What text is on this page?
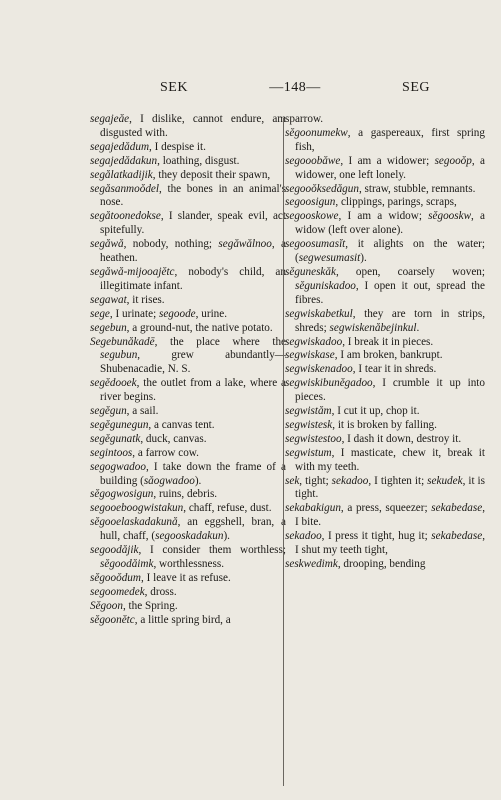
SEK	—148—	SEG

segajeăe, I dislike, cannot endure, am disgusted with.

segajedădum, I despise it.

segajedădakun, loathing, disgust.

segălatkadijik, they deposit their spawn,

segăsanmoŏdel, the bones in an animal's nose.

segătoonedokse, I slander, speak evil, act spitefully.

segăwă, nobody, nothing; segăwălnoo, a heathen.

segăwă-mijooajĕtc, nobody's child, an illegitimate infant.

segawat, it rises.

sege, I urinate; segoode, urine.

segebun, a ground-nut, the native potato.

Segebunăkadē, the place where the segubun, grew abundantly—Shubenacadie, N. S.

segĕdooek, the outlet from a lake, where a river begins.

segĕgun, a sail.

segĕgunegun, a canvas tent.

segĕgunatk, duck, canvas.

segintoos, a farrow cow.

segogwadoo, I take down the frame of a building (săogwadoo).

sĕgogwosigun, ruins, debris.

segooeboogwistakun, chaff, refuse, dust.

sĕgooelaskadakună, an eggshell, bran, a hull, chaff, (segooskadakun).

segoodăjik, I consider them worthless; sĕgoodăimk, worthlessness.

sĕgooŏdum, I leave it as refuse.

segoomedek, dross.

Sĕgoon, the Spring.

sĕgoonĕtc, a little spring bird, a

sparrow.

sĕgoonumekw, a gaspereaux, first spring fish,

segooobăwe, I am a widower; segooŏp, a widower, one left lonely.

segooŏksedăgun, straw, stubble, remnants.

segoosigun, clippings, parings, scraps,

segooskowe, I am a widow; sĕgooskw, a widow (left over alone).

segoosumasĭt, it alights on the water; (segwesumasit).

sĕguneskăk, open, coarsely woven; sĕguniskadoo, I open it out, spread the fibres.

segwiskabetkul, they are torn in strips, shreds; segwiskenăbejinkul.

segwiskadoo, I break it in pieces.

segwiskase, I am broken, bankrupt.

segwiskenadoo, I tear it in shreds.

segwiskibunĕgadoo, I crumble it up into pieces.

segwistăm, I cut it up, chop it.

segwistesk, it is broken by falling.

segwistestoo, I dash it down, destroy it.

segwistum, I masticate, chew it, break it with my teeth.

sek, tight; sekadoo, I tighten it; sekudek, it is tight.

sekabakigun, a press, squeezer; sekabedase, I bite.

sekadoo, I press it tight, hug it; sekabedase, I shut my teeth tight,

seskwedimk, drooping, bending
